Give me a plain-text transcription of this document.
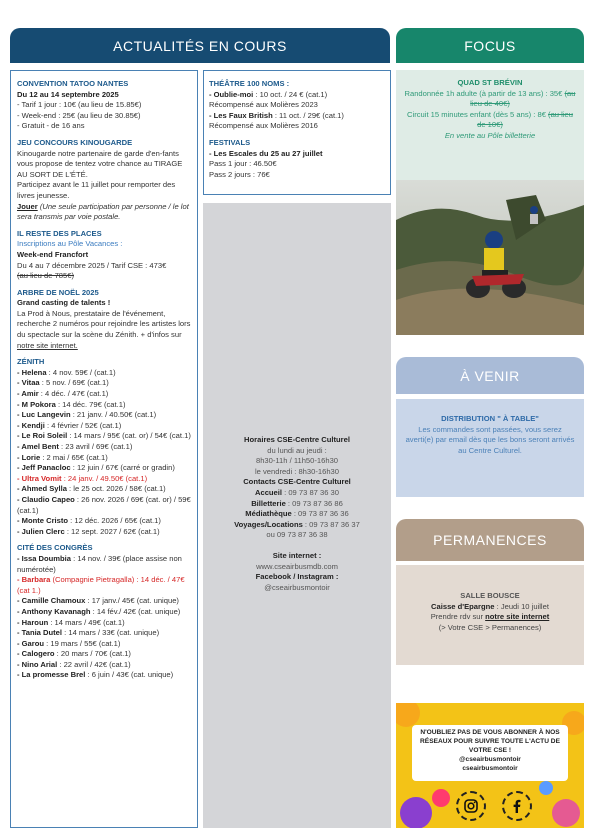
ACTUALITÉS EN COURS	FOCUS
À VENIR
PERMANENCES
CONVENTION TATOO NANTES

Du 12 au 14 septembre 2025

- Tarif 1 jour : 10€ (au lieu de 15.85€)

- Week-end : 25€ (au lieu de 30.85€)

- Gratuit - de 16 ans

JEU CONCOURS KINOUGARDE

Kinougarde notre partenaire de garde d'en-fants vous propose de tentez votre chance au TIRAGE AU SORT DE L'ÉTÉ.

Participez avant le 11 juillet pour remporter des livres jeunesse.

Jouer (Une seule participation par personne / le lot sera transmis par voie postale.

IL RESTE DES PLACES

Inscriptions au Pôle Vacances :

Week-end Francfort

Du 4 au 7 décembre 2025 / Tarif CSE : 473€

(au lieu de 785€)

ARBRE DE NOËL 2025

Grand casting de talents !

La Prod à Nous, prestataire de l'événement, recherche 2 numéros pour rejoindre les artistes lors du spectacle sur la scène du Zénith. + d'infos sur notre site internet.

ZÉNITH

- Helena : 4 nov. 59€ / (cat.1)

- Vitaa : 5 nov. / 69€ (cat.1)

- Amir : 4 déc. / 47€ (cat.1)

- M Pokora : 14 déc. 79€ (cat.1)

- Luc Langevin : 21 janv. / 40.50€ (cat.1)

- Kendji : 4 février / 52€ (cat.1)

- Le Roi Soleil : 14 mars / 95€ (cat. or) / 54€ (cat.1)

- Amel Bent : 23 avril / 69€ (cat.1)

- Lorie : 2 mai / 65€ (cat.1)

- Jeff Panacloc : 12 juin / 67€ (carré or gradin)

- Ultra Vomit : 24 janv. / 49.50€ (cat.1)

- Ahmed Sylla : le 25 oct. 2026 / 58€ (cat.1)

- Claudio Capeo : 26 nov. 2026 / 69€ (cat. or) / 59€ (cat.1)

- Monte Cristo : 12 déc. 2026 / 65€ (cat.1)

- Julien Clerc : 12 sept. 2027 / 62€ (cat.1)

CITÉ DES CONGRÈS

- Issa Doumbia : 14 nov. / 39€ (place assise non numérotée)

- Barbara (Compagnie Pietragalla) : 14 déc. / 47€ (cat 1.)

- Camille Chamoux : 17 janv./ 45€ (cat. unique)

- Anthony Kavanagh : 14 fév./ 42€ (cat. unique)

- Haroun : 14 mars / 49€ (cat.1)

- Tania Dutel : 14 mars / 33€ (cat. unique)

- Garou : 19 mars / 55€ (cat.1)

- Calogero : 20 mars / 70€ (cat.1)

- Nino Arial : 22 avril / 42€ (cat.1)

- La promesse Brel : 6 juin / 43€ (cat. unique)

THÉÂTRE 100 NOMS :

- Oublie-moi : 10 oct. / 24 € (cat.1)

Récompensé aux Molières 2023

- Les Faux British : 11 oct. / 29€ (cat.1)

Récompensé aux Molières 2016

FESTIVALS

- Les Escales du 25 au 27 juillet

Pass 1 jour : 46.50€

Pass 2 jours : 76€

Horaires CSE-Centre Culturel

du lundi au jeudi :

8h30-11h / 11h50-16h30

le vendredi : 8h30-16h30

Contacts CSE-Centre Culturel

Accueil : 09 73 87 36 30

Billetterie : 09 73 87 36 86

Médiathèque : 09 73 87 36 36

Voyages/Locations : 09 73 87 36 37

ou 09 73 87 36 38

Site internet :

www.cseairbusmdb.com

Facebook / Instagram :

@cseairbusmontoir

QUAD ST BRÉVIN

Randonnée 1h adulte (à partir de 13 ans) : 35€ (au lieu de 40€)

Circuit 15 minutes enfant (dès 5 ans) : 8€ (au lieu de 10€)

En vente au Pôle billetterie

DISTRIBUTION " À TABLE"

Les commandes sont passées, vous serez averti(e) par email dès que les bons seront arrivés au Centre Culturel.

SALLE BOUSCE

Caisse d'Epargne : Jeudi 10 juillet

Prendre rdv sur notre site internet

(> Votre CSE > Permanences)

N'OUBLIEZ PAS DE VOUS ABONNER À NOS RÉSEAUX POUR SUIVRE TOUTE L'ACTU DE VOTRE CSE !

@cseairbusmontoir

cseairbusmontoir
